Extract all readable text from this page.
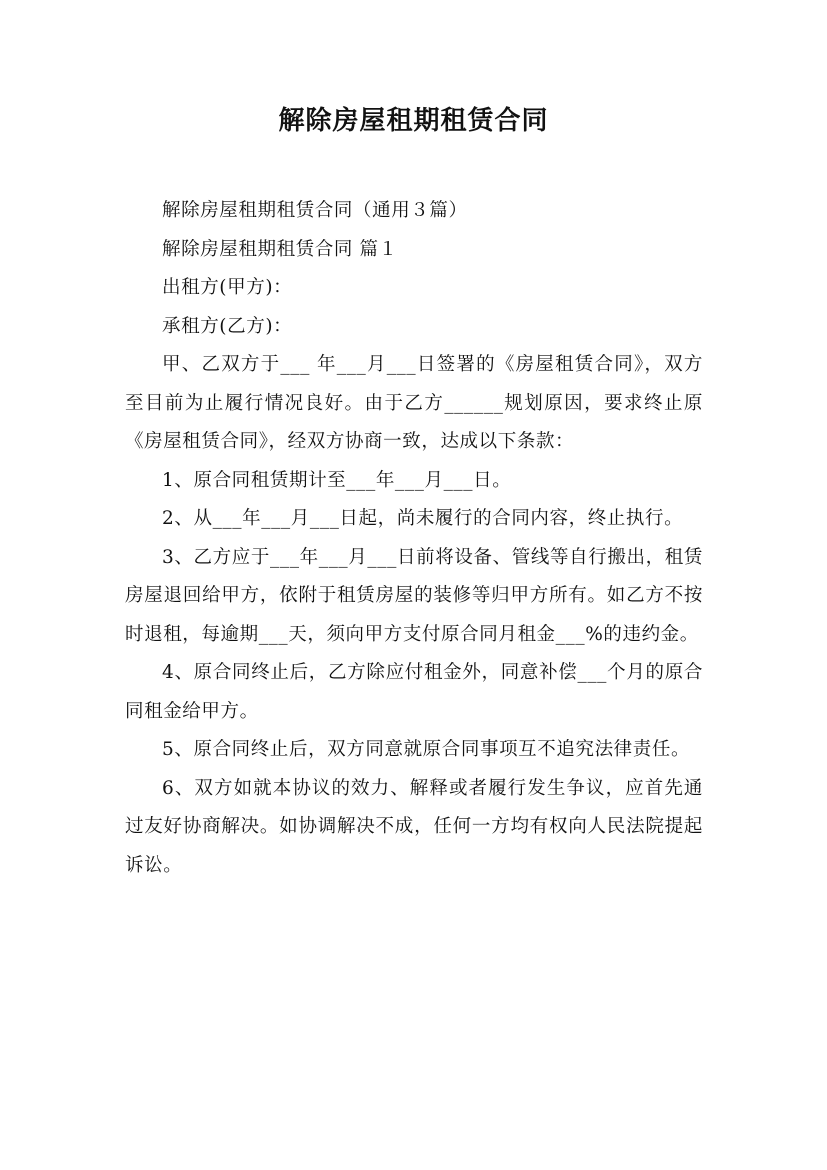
解除房屋租期租赁合同

解除房屋租期租赁合同（通用３篇）

解除房屋租期租赁合同 篇１

出租方(甲方)：

承租方(乙方)：

甲、乙双方于___ 年___月___日签署的《房屋租赁合同》，双方至目前为止履行情况良好。由于乙方______规划原因，要求终止原《房屋租赁合同》，经双方协商一致，达成以下条款：

1、原合同租赁期计至___年___月___日。

2、从___年___月___日起，尚未履行的合同内容，终止执行。

3、乙方应于___年___月___日前将设备、管线等自行搬出，租赁房屋退回给甲方，依附于租赁房屋的装修等归甲方所有。如乙方不按时退租，每逾期___天，须向甲方支付原合同月租金___%的违约金。

4、原合同终止后，乙方除应付租金外，同意补偿___个月的原合同租金给甲方。

5、原合同终止后，双方同意就原合同事项互不追究法律责任。

6、双方如就本协议的效力、解释或者履行发生争议，应首先通过友好协商解决。如协调解决不成，任何一方均有权向人民法院提起诉讼。
